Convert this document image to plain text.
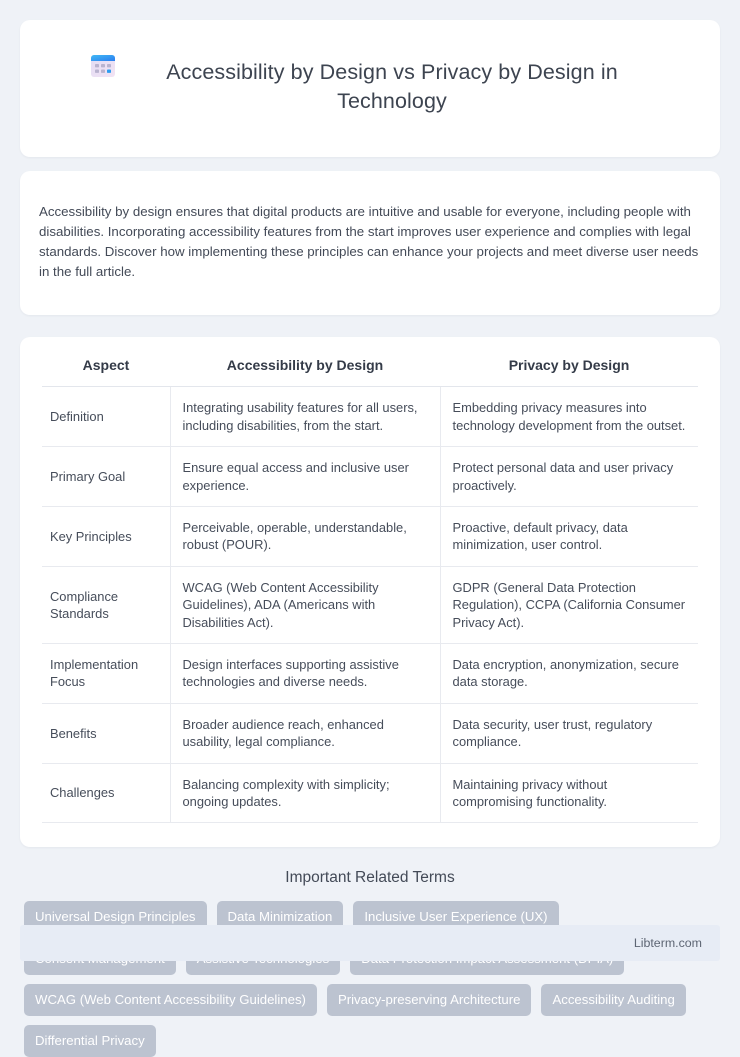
Accessibility by Design vs Privacy by Design in Technology

Accessibility by design ensures that digital products are intuitive and usable for everyone, including people with disabilities. Incorporating accessibility features from the start improves user experience and complies with legal standards. Discover how implementing these principles can enhance your projects and meet diverse user needs in the full article.

Aspect	Accessibility by Design	Privacy by Design
Definition	Integrating usability features for all users, including disabilities, from the start.	Embedding privacy measures into technology development from the outset.
Primary Goal	Ensure equal access and inclusive user experience.	Protect personal data and user privacy proactively.
Key Principles	Perceivable, operable, understandable, robust (POUR).	Proactive, default privacy, data minimization, user control.
Compliance Standards	WCAG (Web Content Accessibility Guidelines), ADA (Americans with Disabilities Act).	GDPR (General Data Protection Regulation), CCPA (California Consumer Privacy Act).
Implementation Focus	Design interfaces supporting assistive technologies and diverse needs.	Data encryption, anonymization, secure data storage.
Benefits	Broader audience reach, enhanced usability, legal compliance.	Data security, user trust, regulatory compliance.
Challenges	Balancing complexity with simplicity; ongoing updates.	Maintaining privacy without compromising functionality.
Important Related Terms
Universal Design Principles	Data Minimization	Inclusive User Experience (UX)
WCAG (Web Content Accessibility Guidelines)	Privacy-preserving Architecture	Accessibility Auditing
Differential Privacy
Libterm.com
